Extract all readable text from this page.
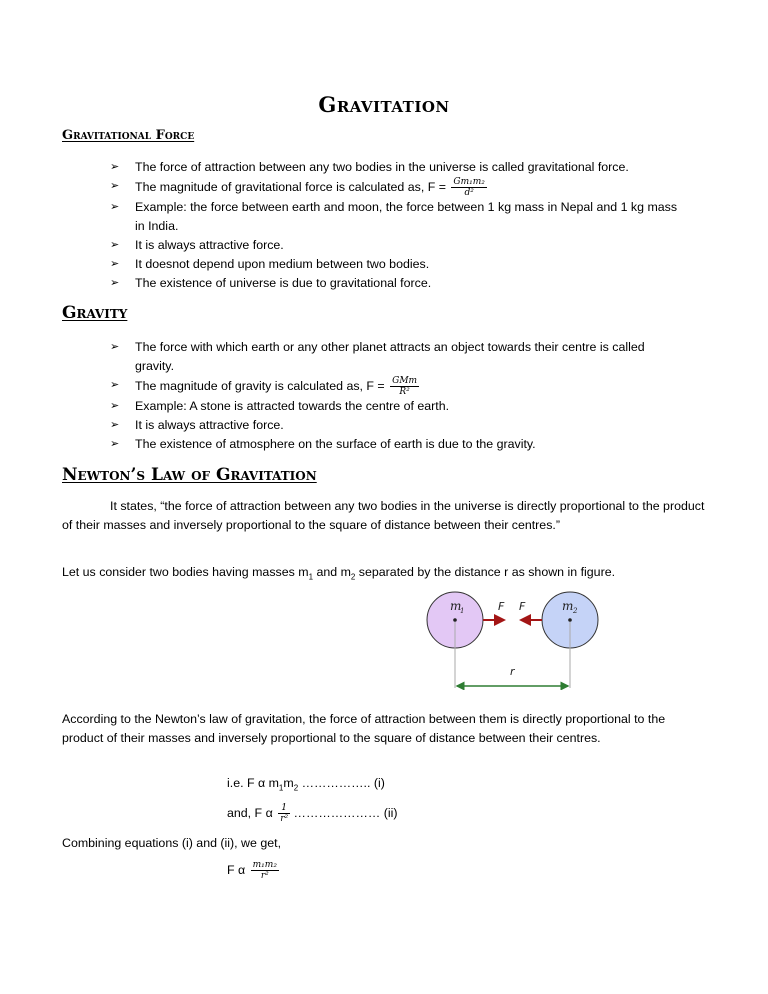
Gravitation
Gravitational Force
➢ The force of attraction between any two bodies in the universe is called gravitational force.
➢ The magnitude of gravitational force is calculated as, $F = \frac{\text{Gm₁m₂}}{\text{d²}}$
➢ Example: the force between earth and moon, the force between 1 kg mass in Nepal and 1 kg mass in India.
➢ It is always attractive force.
➢ It doesnot depend upon medium between two bodies.
➢ The existence of universe is due to gravitational force.
Gravity
➢ The force with which earth or any other planet attracts an object towards their centre is called gravity.
➢ The magnitude of gravity is calculated as, $F = \frac{\text{GMm}}{\text{R²}}$
➢ Example: A stone is attracted towards the centre of earth.
➢ It is always attractive force.
➢ The existence of atmosphere on the surface of earth is due to the gravity.
Newton’s Law of Gravitation
It states, “the force of attraction between any two bodies in the universe is directly proportional to the product of their masses and inversely proportional to the square of distance between their centres.”
Let us consider two bodies having masses $m_1$ and $m_2$ separated by the distance r as shown in figure.
m
1	m 2
F F
r
According to the Newton’s law of gravitation, the force of attraction between them is directly proportional to the product of their masses and inversely proportional to the square of distance between their centres.
i.e. F α $m_1m_2$ …………….. (i)
and, F α $\frac{1}{\text{r²}}$ ………………… (ii)
Combining equations (i) and (ii), we get,
F α $\frac{\text{m₁m₂}}{\text{r²}}$
